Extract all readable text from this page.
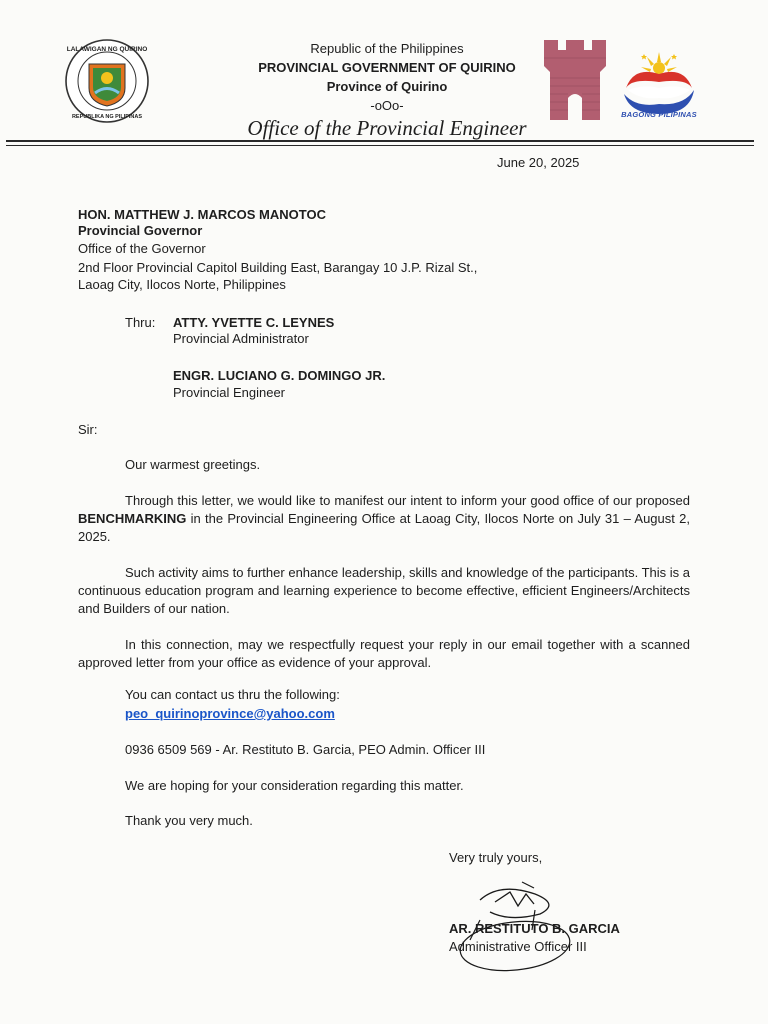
LALAWIGAN NG QUIRINO
REPUBLIKA NG PILIPINAS
Republic of the Philippines
PROVINCIAL GOVERNMENT OF QUIRINO
Province of Quirino
-oOo-
Office of the Provincial Engineer
BAGONG PILIPINAS
June 20, 2025
HON. MATTHEW J. MARCOS MANOTOC
Provincial Governor
Office of the Governor
2nd Floor Provincial Capitol Building East, Barangay 10 J.P. Rizal St.,
Laoag City, Ilocos Norte, Philippines
Thru: ATTY. YVETTE C. LEYNES
Provincial Administrator
ENGR. LUCIANO G. DOMINGO JR.
Provincial Engineer
Sir:
Our warmest greetings.
Through this letter, we would like to manifest our intent to inform your good office of our proposed BENCHMARKING in the Provincial Engineering Office at Laoag City, Ilocos Norte on July 31 – August 2, 2025.
Such activity aims to further enhance leadership, skills and knowledge of the participants. This is a continuous education program and learning experience to become effective, efficient Engineers/Architects and Builders of our nation.
In this connection, may we respectfully request your reply in our email together with a scanned approved letter from your office as evidence of your approval.
You can contact us thru the following:
peo_quirinoprovince@yahoo.com
0936 6509 569 - Ar. Restituto B. Garcia, PEO Admin. Officer III
We are hoping for your consideration regarding this matter.
Thank you very much.
Very truly yours,
AR. RESTITUTO B. GARCIA
Administrative Officer III
